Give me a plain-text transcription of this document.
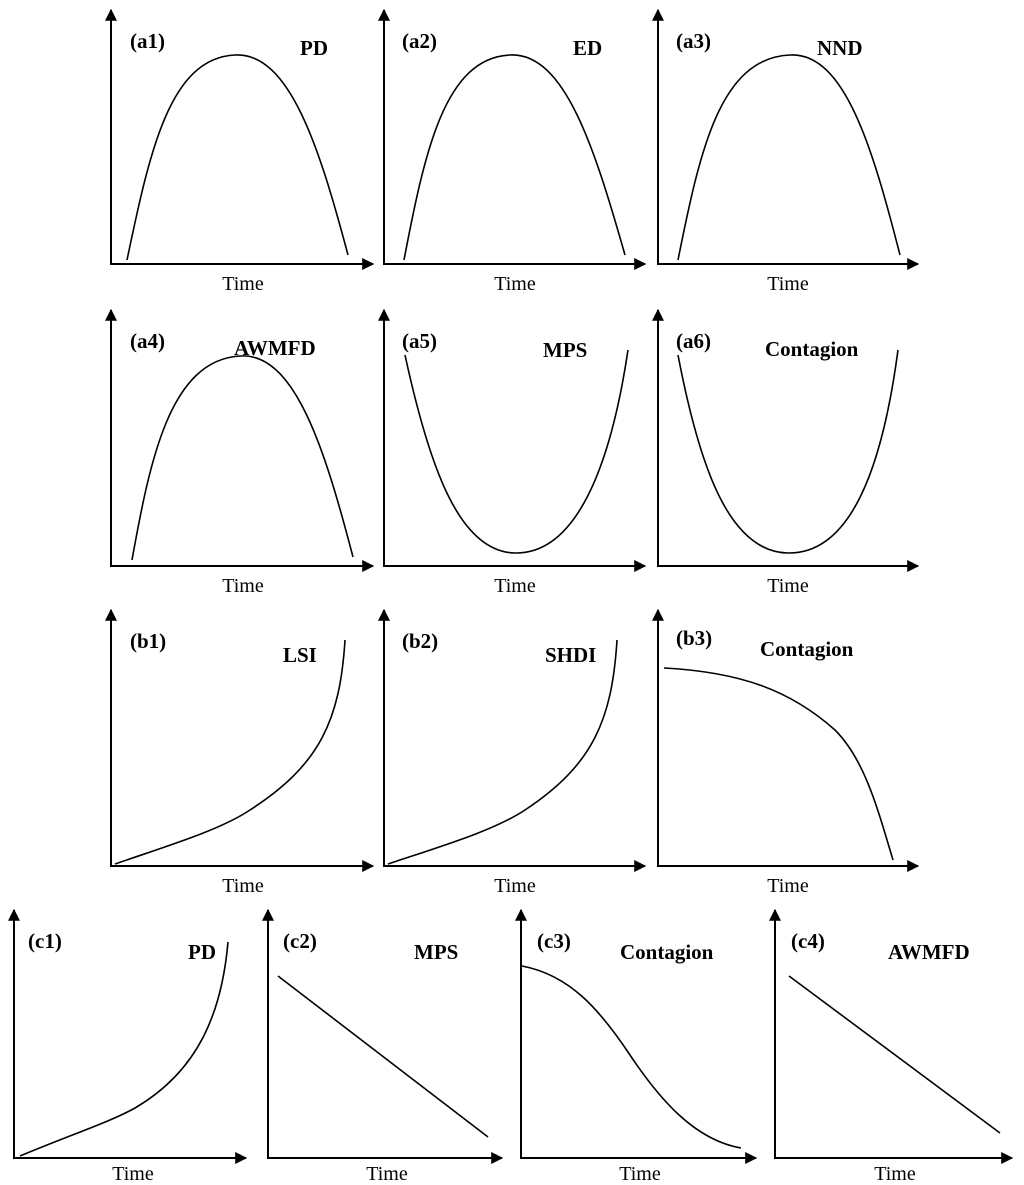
(a1)	PD
Time
(a2)	ED
Time
(a3)	NND
Time
(a4)	AWMFD
Time
(a5)	MPS
Time
(a6)	Contagion
Time
(b1)
LSI
Time
(b2)
SHDI
Time
(b3) Contagion
Time
(c1)	PD
Time
(c2)	MPS
Time
(c3) Contagion
Time
(c4)	AWMFD
Time
